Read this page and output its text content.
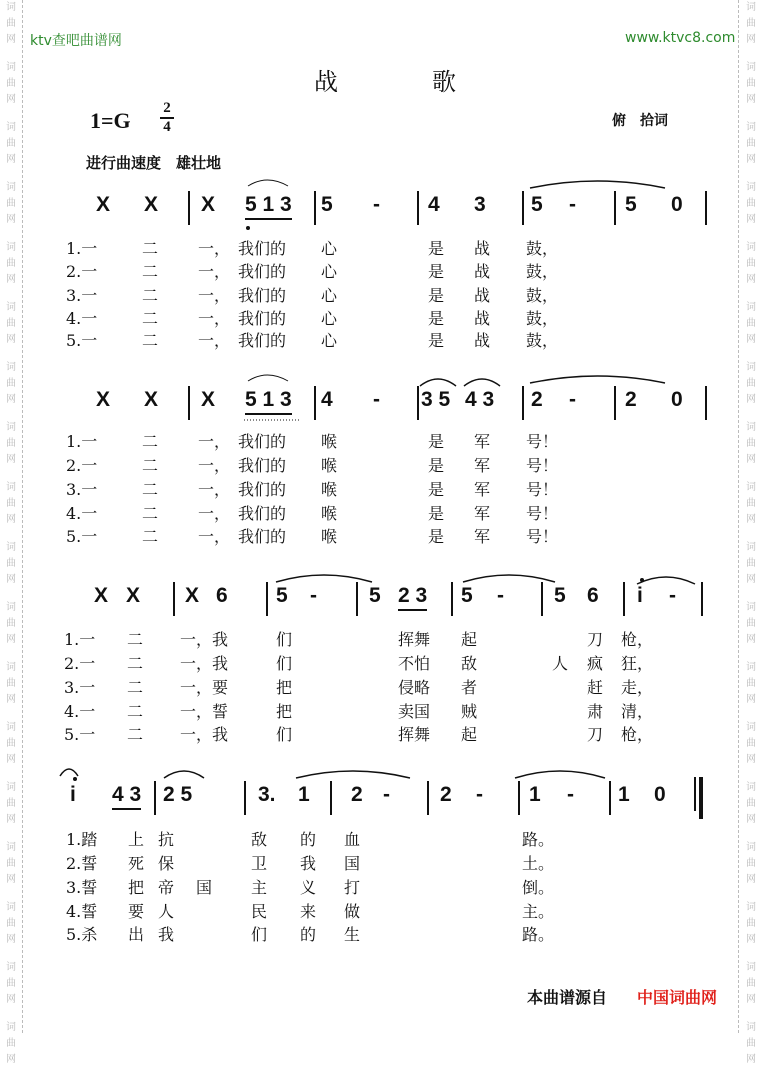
ktv查吧曲谱网	www.ktvc8.com
战	歌
1=G 2
4	俯　拾词
进行曲速度　雄壮地
X X X 5 1 3 5 - 4 3 5 - 5 0
1.一	二 一， 我们的 心	是 战 鼓，
2.一	二 一， 我们的 心	是 战 鼓，
3.一	二 一， 我们的 心	是 战 鼓，
4.一	二 一， 我们的 心	是 战 鼓，
5.一	二 一， 我们的 心	是 战 鼓，
X X X 5 1 3 4 - 3 5 4 3 2 - 2 0
1.一	二 一， 我们的 喉	是 军 号！
2.一	二 一， 我们的 喉	是 军 号！
3.一	二 一， 我们的 喉	是 军 号！
4.一	二 一， 我们的 喉	是 军 号！
5.一	二 一， 我们的 喉	是 军 号！
X X X 6 5 - 5 2 3 5 - 5 6 i -
1.一 二 一，我	们	挥舞 起	刀 枪，
2.一 二 一，我	们	不怕 敌	人 疯 狂，
3.一 二 一，要	把	侵略 者	赶 走，
4.一 二 一，誓	把	卖国 贼	肃 清，
5.一 二 一，我	们	挥舞 起	刀 枪，
i 4 3 2 5	3. 1 2 - 2 - 1 - 1 0
1.踏 上 抗	敌 的 血	路。
2.誓 死 保	卫 我 国	土。
3.誓 把 帝 国 主 义 打	倒。
4.誓 要 人	民 来 做	主。
5.杀 出 我	们 的 生	路。
本曲谱源自 中国词曲网
词
曲
网
词
曲
网
词
曲
网
词
曲
网
词
曲
网
词
曲
网
词
曲
网
词
曲
网
词
曲
网
词
曲
网
词
曲
网
词
曲
网
词
曲
网
词
曲
网
词
曲
网
词
曲
网
词
曲
网
词
曲
网
词
曲
网
词
曲
网
词
曲
网
词
曲
网
词
曲
网
词
曲
网
词
曲
网
词
曲
网
词
曲
网
词
曲
网
词
曲
网
词
曲
网
词
曲
网
词
曲
网
词
曲
网
词
曲
网
词
曲
网
词
曲
网
